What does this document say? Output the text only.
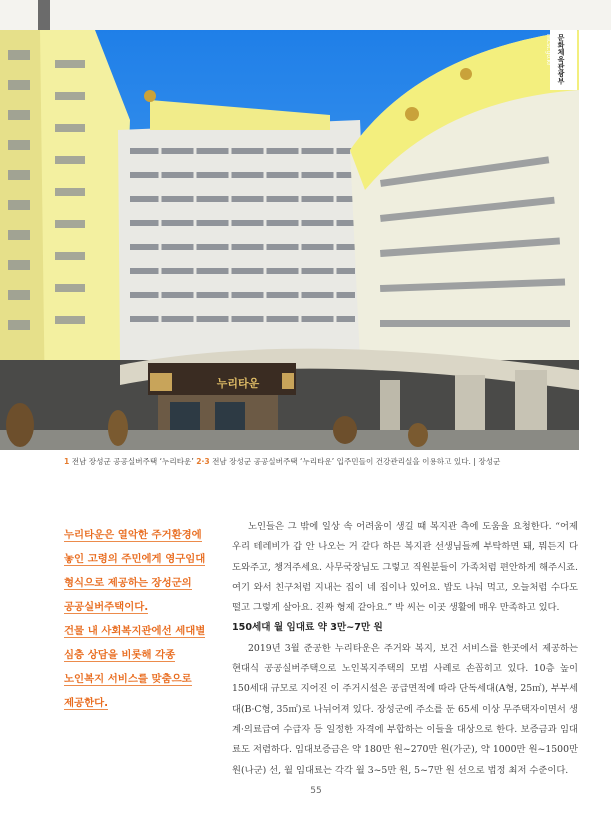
누리타운
문화체육관광부
mcst.go.kr
1 전남 장성군 공공실버주택 ‘누리타운’ 2·3 전남 장성군 공공실버주택 ‘누리타운’ 입주민들이 건강관리실을 이용하고 있다. | 장성군
누리타운은 열악한 주거환경에
놓인 고령의 주민에게 영구임대
형식으로 제공하는 장성군의
공공실버주택이다.
건물 내 사회복지관에선 세대별
심층 상담을 비롯해 각종
노인복지 서비스를 맞춤으로
제공한다.

노인들은 그 밖에 일상 속 어려움이 생길 때 복지관 측에 도움을 요청한다. “어제 우리 테레비가 갑 안 나오는 거 같다 하믄 복지관 선생님들께 부탁하면 돼, 뭐든지 다 도와주고, 챙겨주세요. 사무국장님도 그렇고 직원분들이 가족처럼 편안하게 해주시죠. 여기 와서 친구처럼 지내는 집이 네 집이나 있어요. 밥도 나눠 먹고, 오늘처럼 수다도 떨고 그렇게 살아요. 진짜 형제 같아요.” 박 씨는 이곳 생활에 매우 만족하고 있다.

150세대 월 임대료 약 3만~7만 원

2019년 3월 준공한 누리타운은 주거와 복지, 보건 서비스를 한곳에서 제공하는 현대식 공공실버주택으로 노인복지주택의 모범 사례로 손꼽히고 있다. 10층 높이 150세대 규모로 지어진 이 주거시설은 공급면적에 따라 단독세대(A형, 25㎡), 부부세대(B·C형, 35㎡)로 나뉘어져 있다. 장성군에 주소를 둔 65세 이상 무주택자이면서 생계·의료급여 수급자 등 일정한 자격에 부합하는 이들을 대상으로 한다. 보증금과 임대료도 저렴하다. 임대보증금은 약 180만 원~270만 원(가군), 약 1000만 원~1500만 원(나군) 선, 월 임대료는 각각 월 3~5만 원, 5~7만 원 선으로 법정 최저 수준이다.

55
